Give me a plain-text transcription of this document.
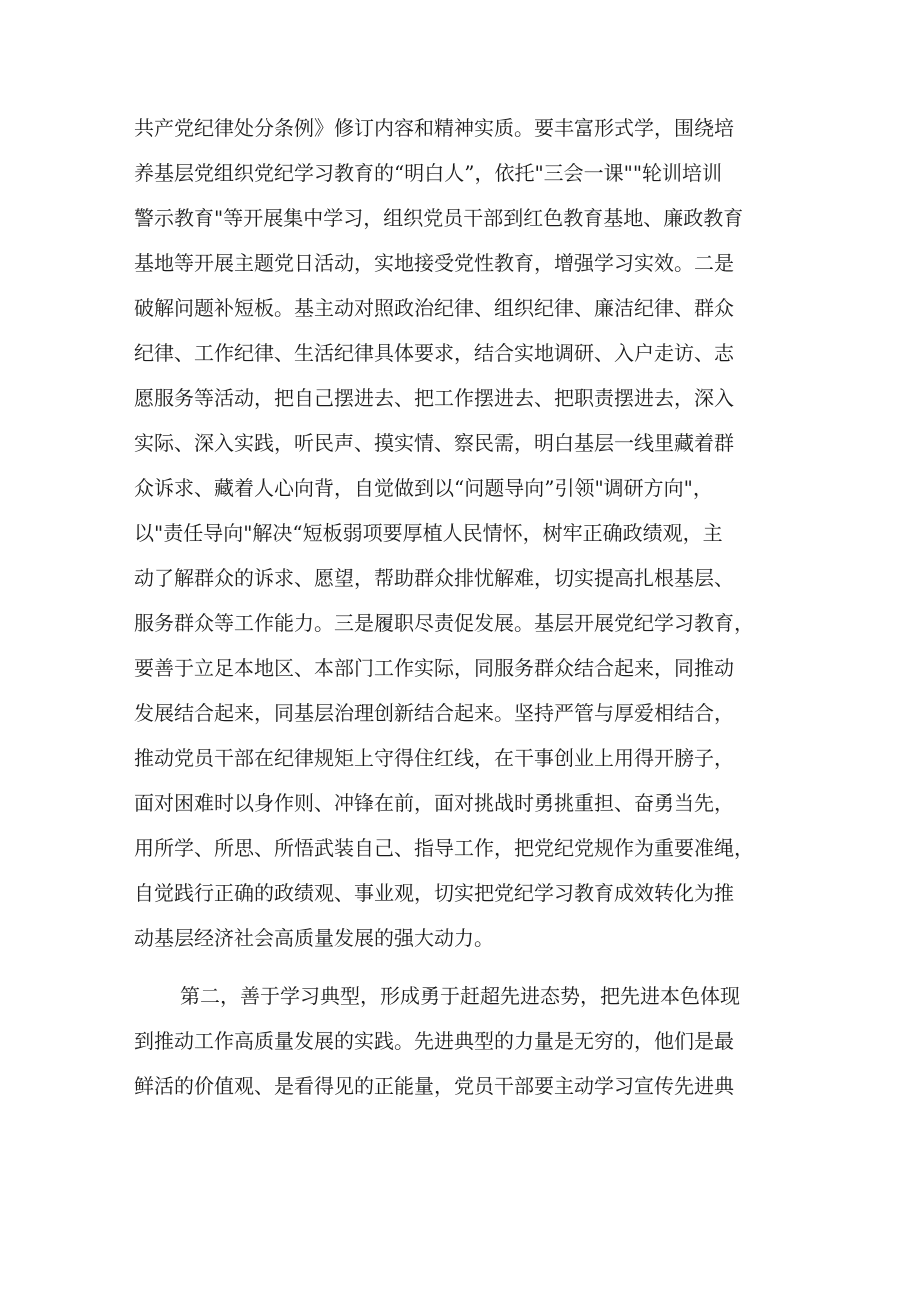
共产党纪律处分条例》修订内容和精神实质。要丰富形式学，围绕培
养基层党组织党纪学习教育的“明白人”，依托"三会一课""轮训培训
警示教育"等开展集中学习，组织党员干部到红色教育基地、廉政教育
基地等开展主题党日活动，实地接受党性教育，增强学习实效。二是
破解问题补短板。基主动对照政治纪律、组织纪律、廉洁纪律、群众
纪律、工作纪律、生活纪律具体要求，结合实地调研、入户走访、志
愿服务等活动，把自己摆进去、把工作摆进去、把职责摆进去，深入
实际、深入实践，听民声、摸实情、察民需，明白基层一线里藏着群
众诉求、藏着人心向背，自觉做到以“问题导向”引领"调研方向"，
以"责任导向"解决“短板弱项要厚植人民情怀，树牢正确政绩观，主
动了解群众的诉求、愿望，帮助群众排忧解难，切实提高扎根基层、
服务群众等工作能力。三是履职尽责促发展。基层开展党纪学习教育，
要善于立足本地区、本部门工作实际，同服务群众结合起来，同推动
发展结合起来，同基层治理创新结合起来。坚持严管与厚爱相结合，
推动党员干部在纪律规矩上守得住红线，在干事创业上用得开膀子，
面对困难时以身作则、冲锋在前，面对挑战时勇挑重担、奋勇当先，
用所学、所思、所悟武装自己、指导工作，把党纪党规作为重要准绳，
自觉践行正确的政绩观、事业观，切实把党纪学习教育成效转化为推
动基层经济社会高质量发展的强大动力。
第二，善于学习典型，形成勇于赶超先进态势，把先进本色体现
到推动工作高质量发展的实践。先进典型的力量是无穷的，他们是最
鲜活的价值观、是看得见的正能量，党员干部要主动学习宣传先进典
